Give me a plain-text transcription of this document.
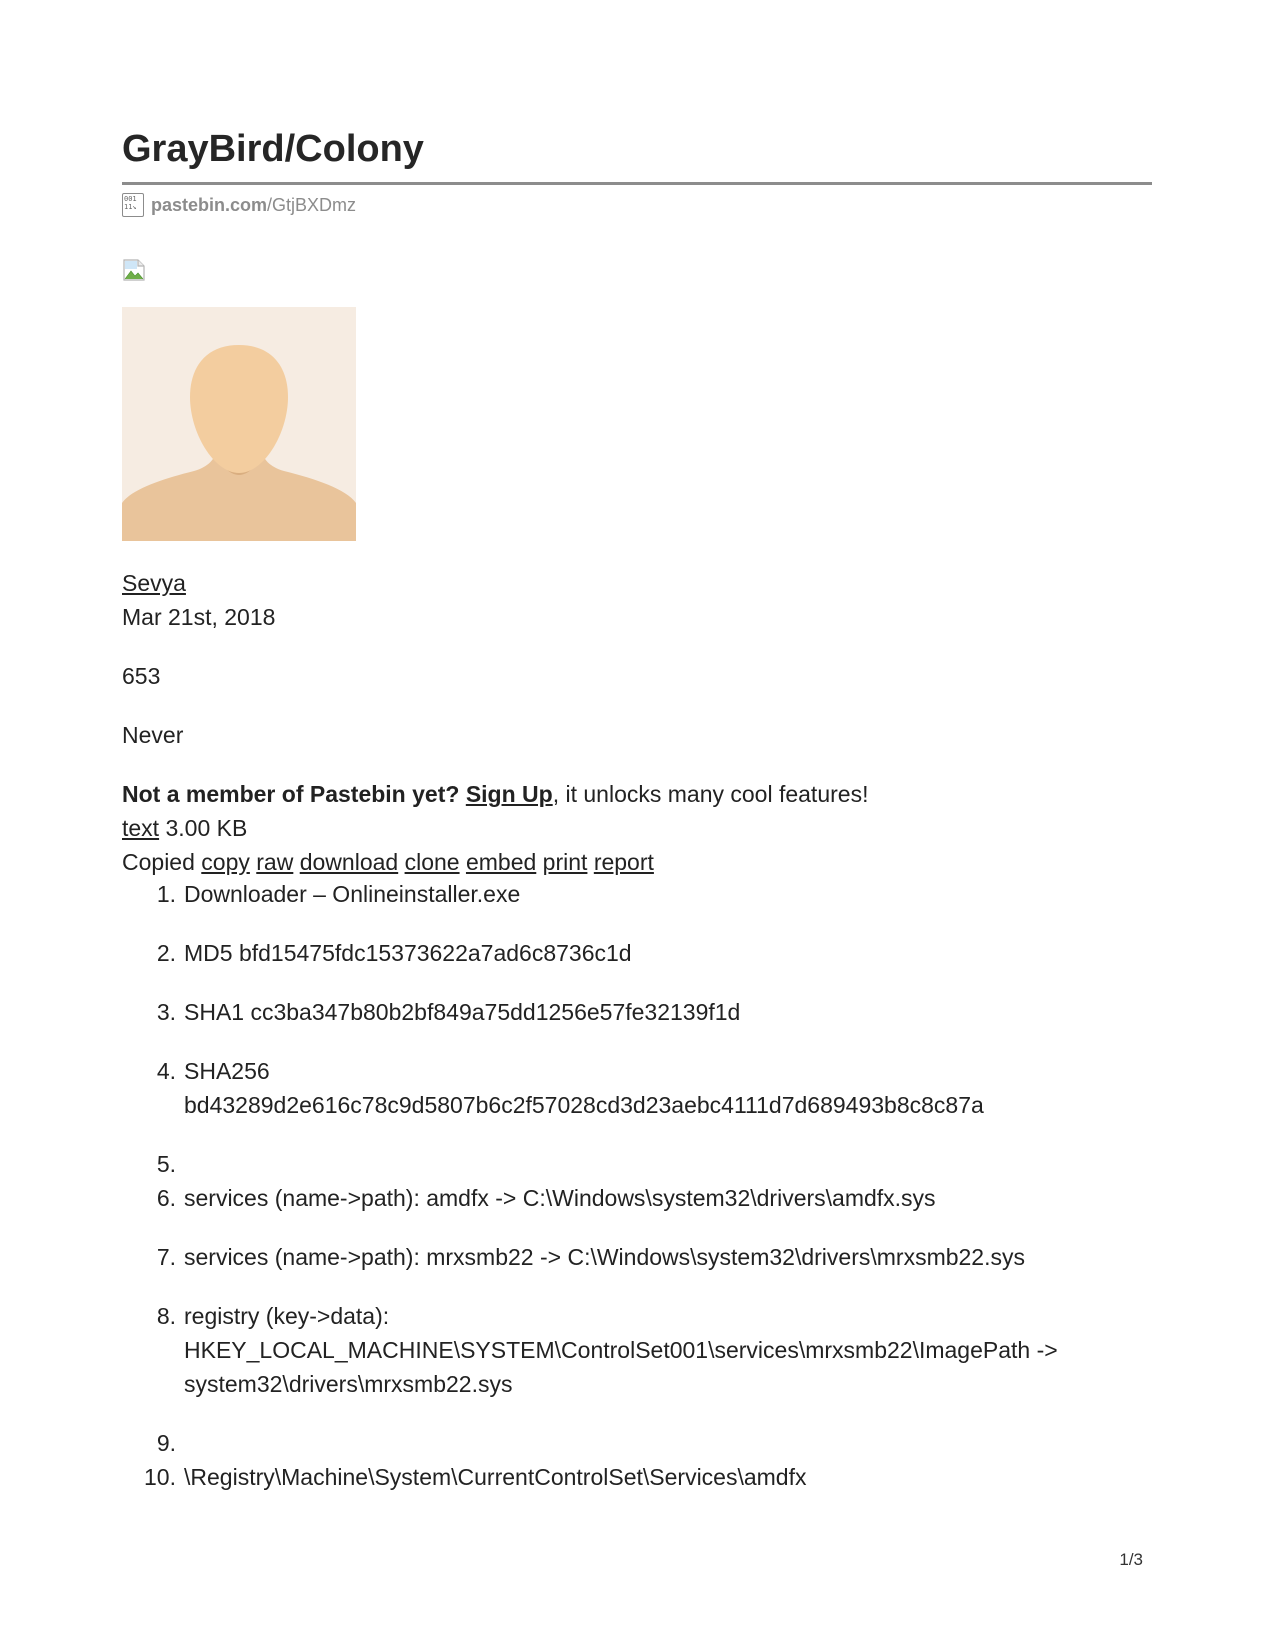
GrayBird/Colony
001
11↘ pastebin.com /GtjBXDmz
Sevya
Mar 21st, 2018
653
Never
Not a member of Pastebin yet? Sign Up, it unlocks many cool features!
text 3.00 KB
Copied copy raw download clone embed print report
1. Downloader – Onlineinstaller.exe
2. MD5 bfd15475fdc15373622a7ad6c8736c1d
3. SHA1 cc3ba347b80b2bf849a75dd1256e57fe32139f1d
4. SHA256
bd43289d2e616c78c9d5807b6c2f57028cd3d23aebc4111d7d689493b8c8c87a
5.
6. services (name->path): amdfx -> C:\Windows\system32\drivers\amdfx.sys
7. services (name->path): mrxsmb22 -> C:\Windows\system32\drivers\mrxsmb22.sys
8. registry (key->data):
HKEY_LOCAL_MACHINE\SYSTEM\ControlSet001\services\mrxsmb22\ImagePath ->
system32\drivers\mrxsmb22.sys
9.
10. \Registry\Machine\System\CurrentControlSet\Services\amdfx
1/3
